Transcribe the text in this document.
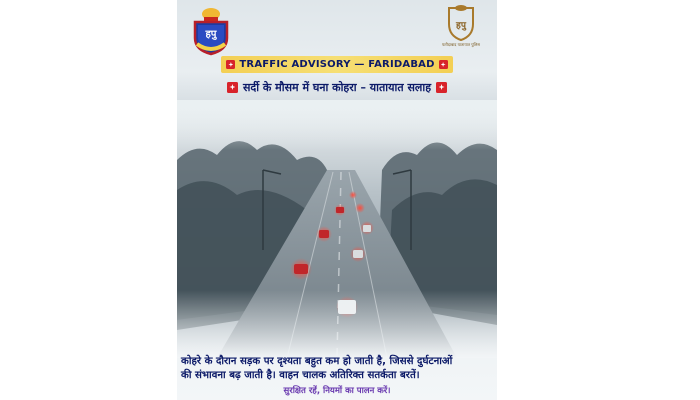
हपु
हपु
फरीदाबाद यातायात पुलिस
TRAFFIC ADVISORY — FARIDABAD
सर्दी के मौसम में घना कोहरा – यातायात सलाह
कोहरे के दौरान सड़क पर दृश्यता बहुत कम हो जाती है, जिससे दुर्घटनाओं
की संभावना बढ़ जाती है। वाहन चालक अतिरिक्त सतर्कता बरतें।
सुरक्षित रहें, नियमों का पालन करें।
